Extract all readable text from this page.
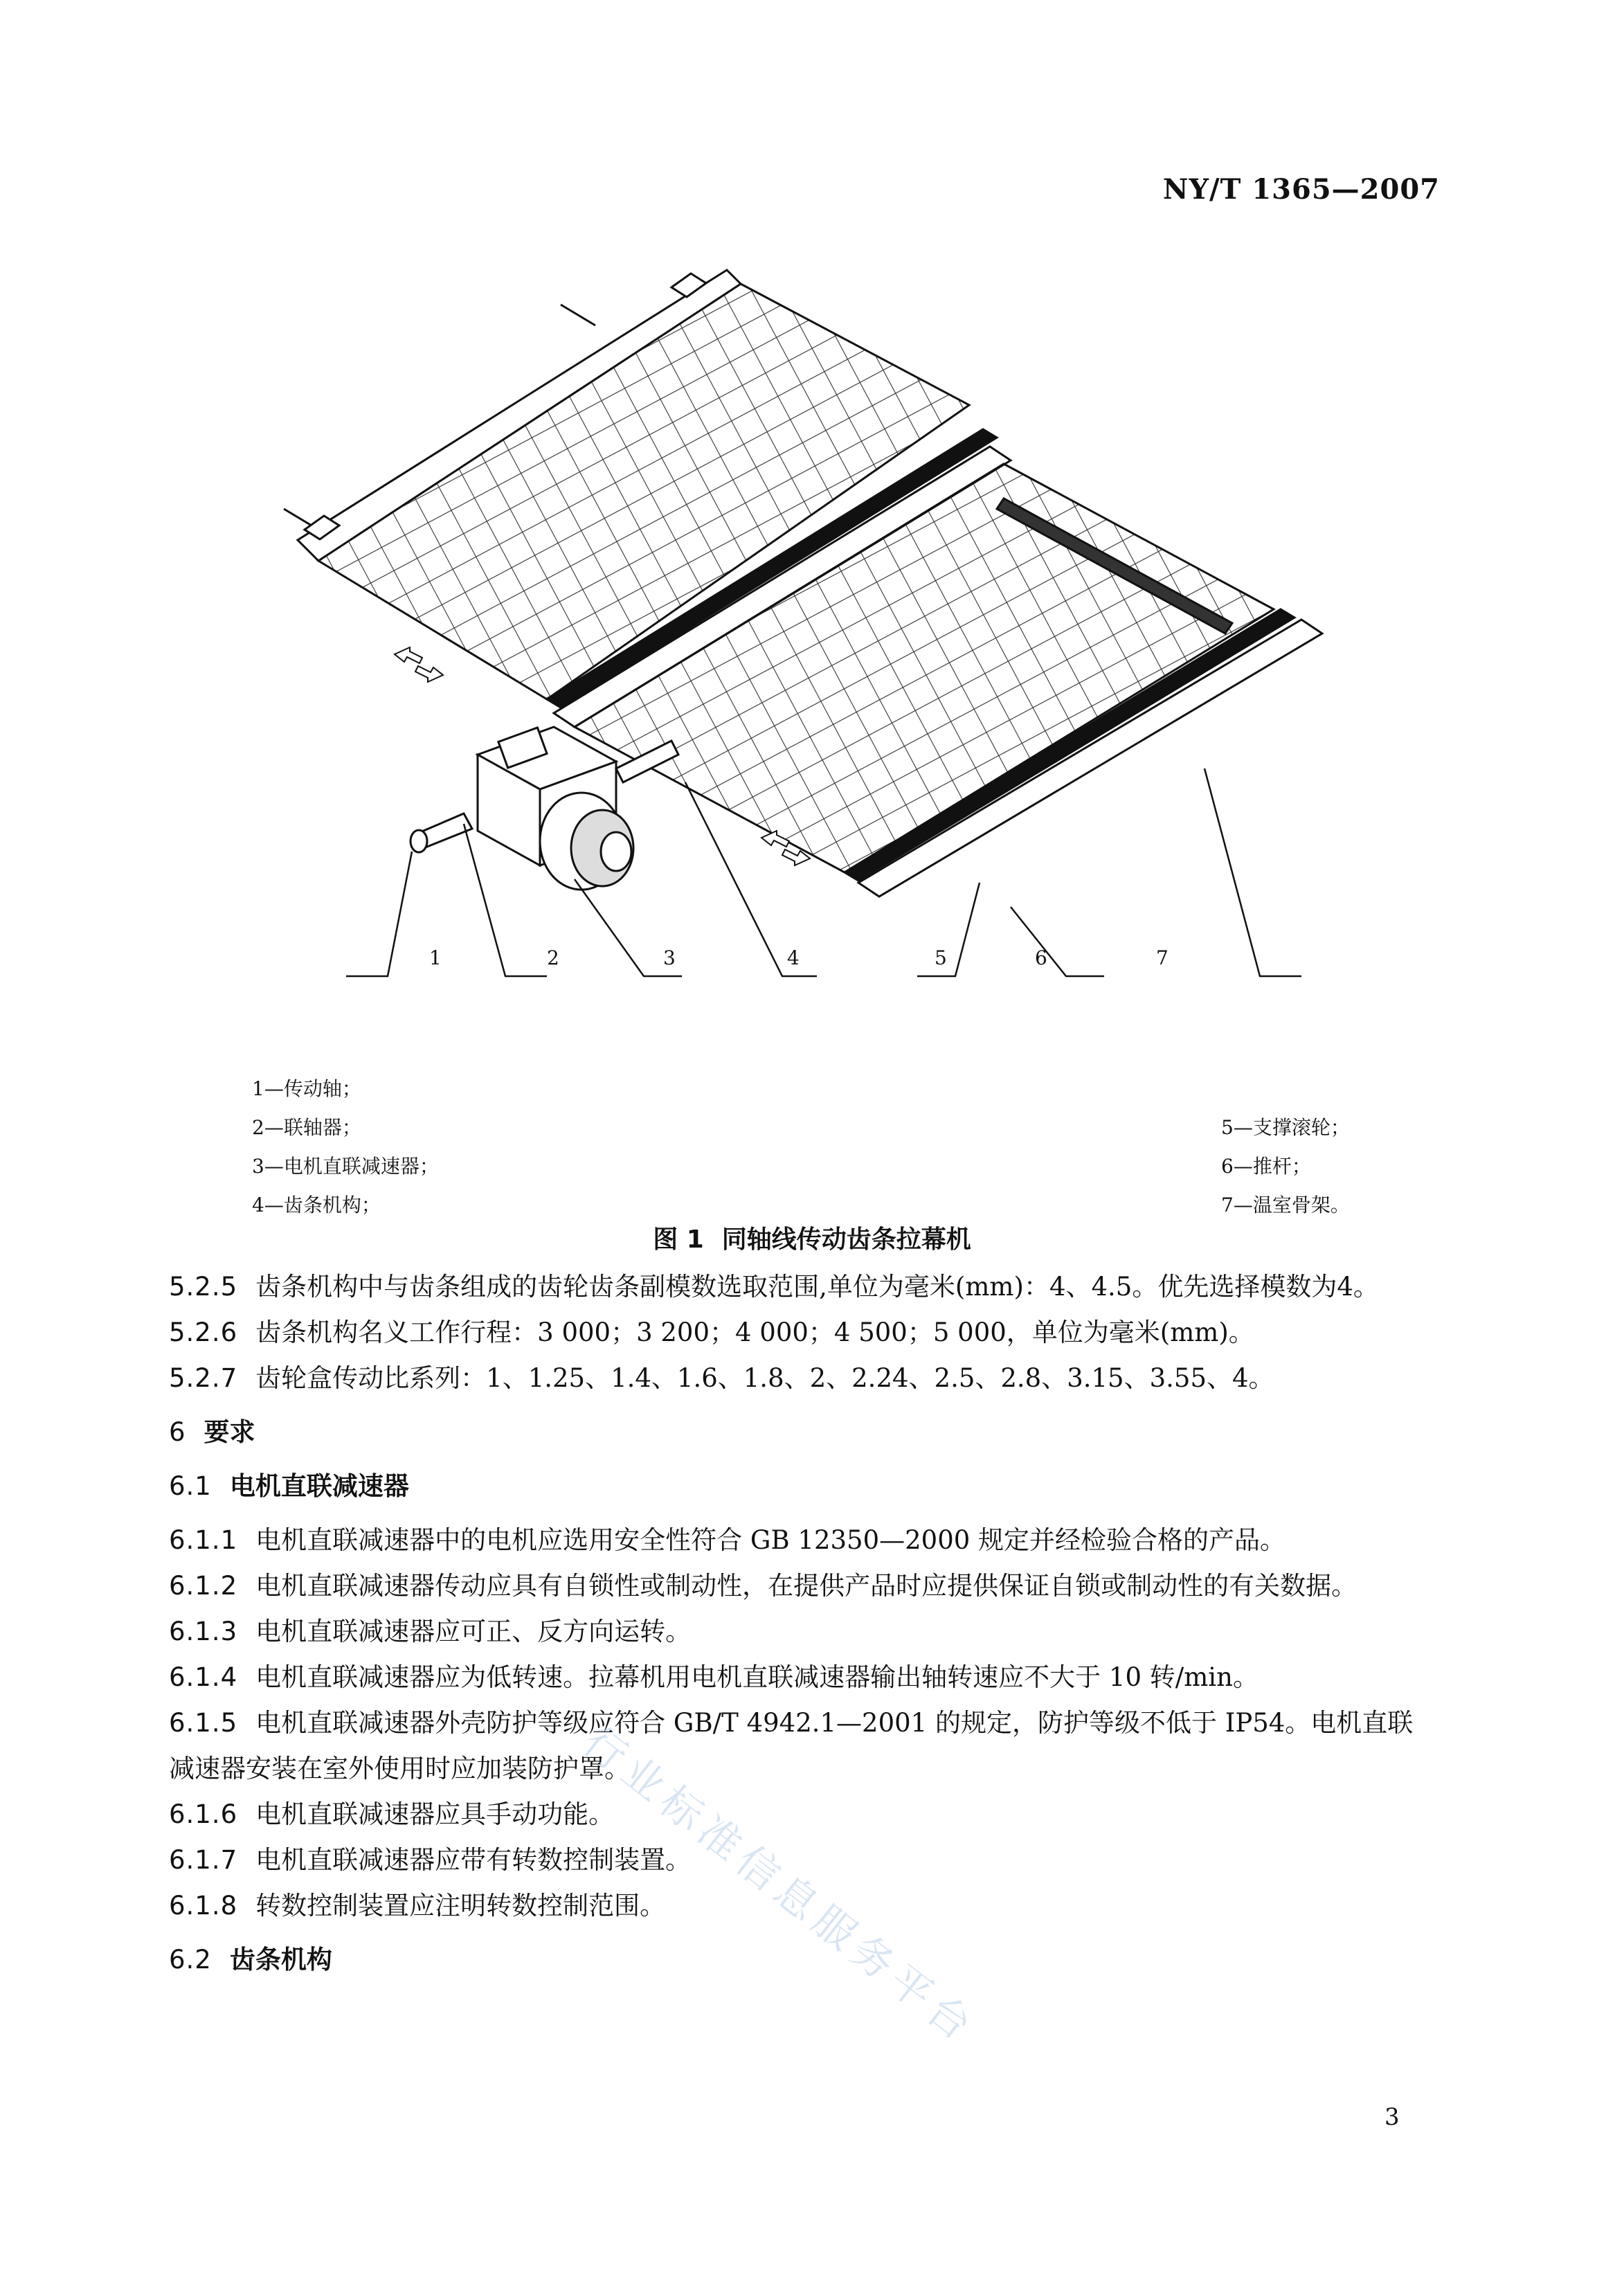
NY/T 1365—2007
1	2	3	4	5	6	7
1—传动轴；
2—联轴器；
3—电机直联减速器；
4—齿条机构；
5—支撑滚轮；
6—推杆；
7—温室骨架。
图 1 同轴线传动齿条拉幕机
5.2.5 齿条机构中与齿条组成的齿轮齿条副模数选取范围,单位为毫米(mm)：4、4.5。优先选择模数为4。
5.2.6 齿条机构名义工作行程：3 000；3 200；4 000；4 500；5 000，单位为毫米(mm)。
5.2.7 齿轮盒传动比系列：1、1.25、1.4、1.6、1.8、2、2.24、2.5、2.8、3.15、3.55、4。
6 要求
6.1 电机直联减速器
6.1.1 电机直联减速器中的电机应选用安全性符合 GB 12350—2000 规定并经检验合格的产品。
6.1.2 电机直联减速器传动应具有自锁性或制动性，在提供产品时应提供保证自锁或制动性的有关数据。
6.1.3 电机直联减速器应可正、反方向运转。
6.1.4 电机直联减速器应为低转速。拉幕机用电机直联减速器输出轴转速应不大于 10 转/min。
6.1.5 电机直联减速器外壳防护等级应符合 GB/T 4942.1—2001 的规定，防护等级不低于 IP54。电机直联减速器安装在室外使用时应加装防护罩。
6.1.6 电机直联减速器应具手动功能。
6.1.7 电机直联减速器应带有转数控制装置。
6.1.8 转数控制装置应注明转数控制范围。
6.2 齿条机构	行业标准信息服务平台
3
